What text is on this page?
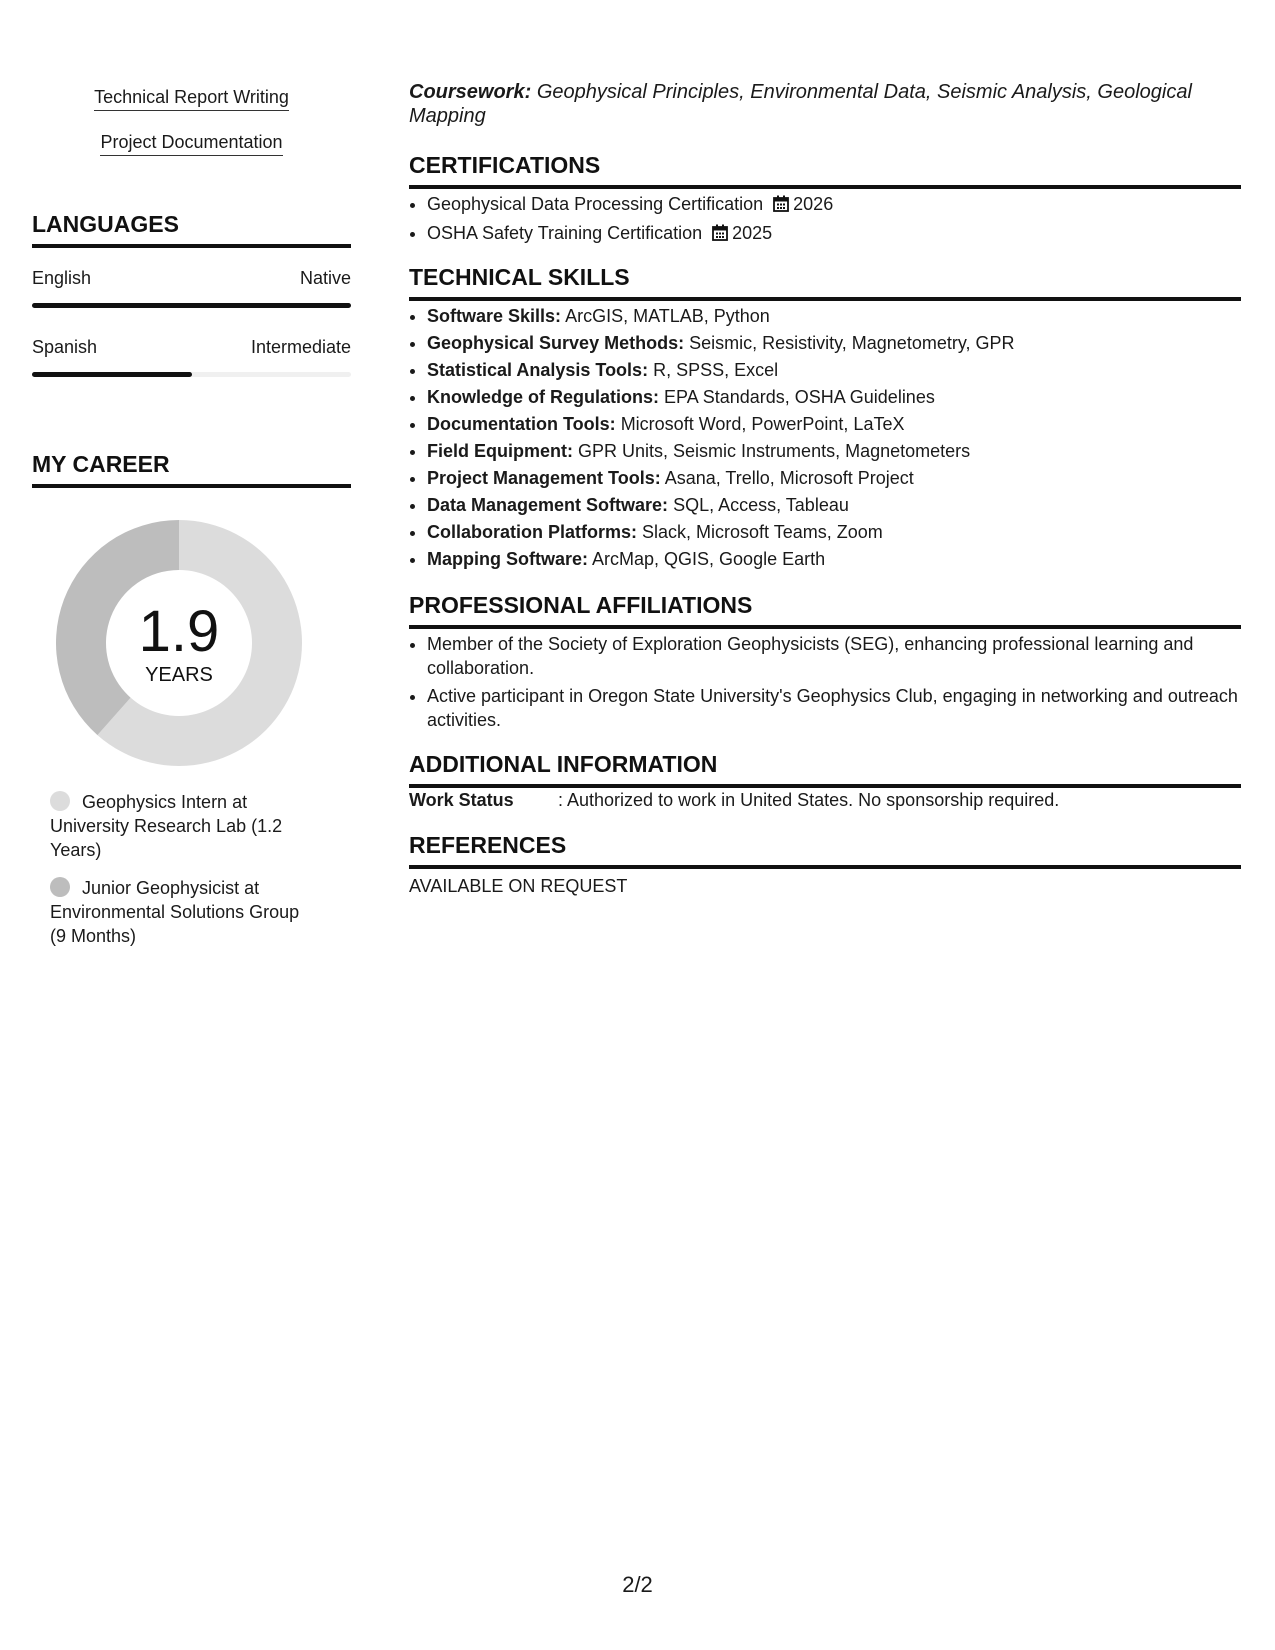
Technical Report Writing
Project Documentation
LANGUAGES
English	Native
Spanish	Intermediate
MY CAREER
1.9
YEARS
Geophysics Intern at University Research Lab (1.2 Years)
Junior Geophysicist at Environmental Solutions Group (9 Months)
Coursework: Geophysical Principles, Environmental Data, Seismic Analysis, Geological Mapping
CERTIFICATIONS
• Geophysical Data Processing Certification 2026
• OSHA Safety Training Certification 2025
TECHNICAL SKILLS
• Software Skills: ArcGIS, MATLAB, Python
• Geophysical Survey Methods: Seismic, Resistivity, Magnetometry, GPR
• Statistical Analysis Tools: R, SPSS, Excel
• Knowledge of Regulations: EPA Standards, OSHA Guidelines
• Documentation Tools: Microsoft Word, PowerPoint, LaTeX
• Field Equipment: GPR Units, Seismic Instruments, Magnetometers
• Project Management Tools: Asana, Trello, Microsoft Project
• Data Management Software: SQL, Access, Tableau
• Collaboration Platforms: Slack, Microsoft Teams, Zoom
• Mapping Software: ArcMap, QGIS, Google Earth
PROFESSIONAL AFFILIATIONS
• Member of the Society of Exploration Geophysicists (SEG), enhancing professional learning and collaboration.
• Active participant in Oregon State University's Geophysics Club, engaging in networking and outreach activities.
ADDITIONAL INFORMATION
Work Status : Authorized to work in United States. No sponsorship required.
REFERENCES
AVAILABLE ON REQUEST
2/2
